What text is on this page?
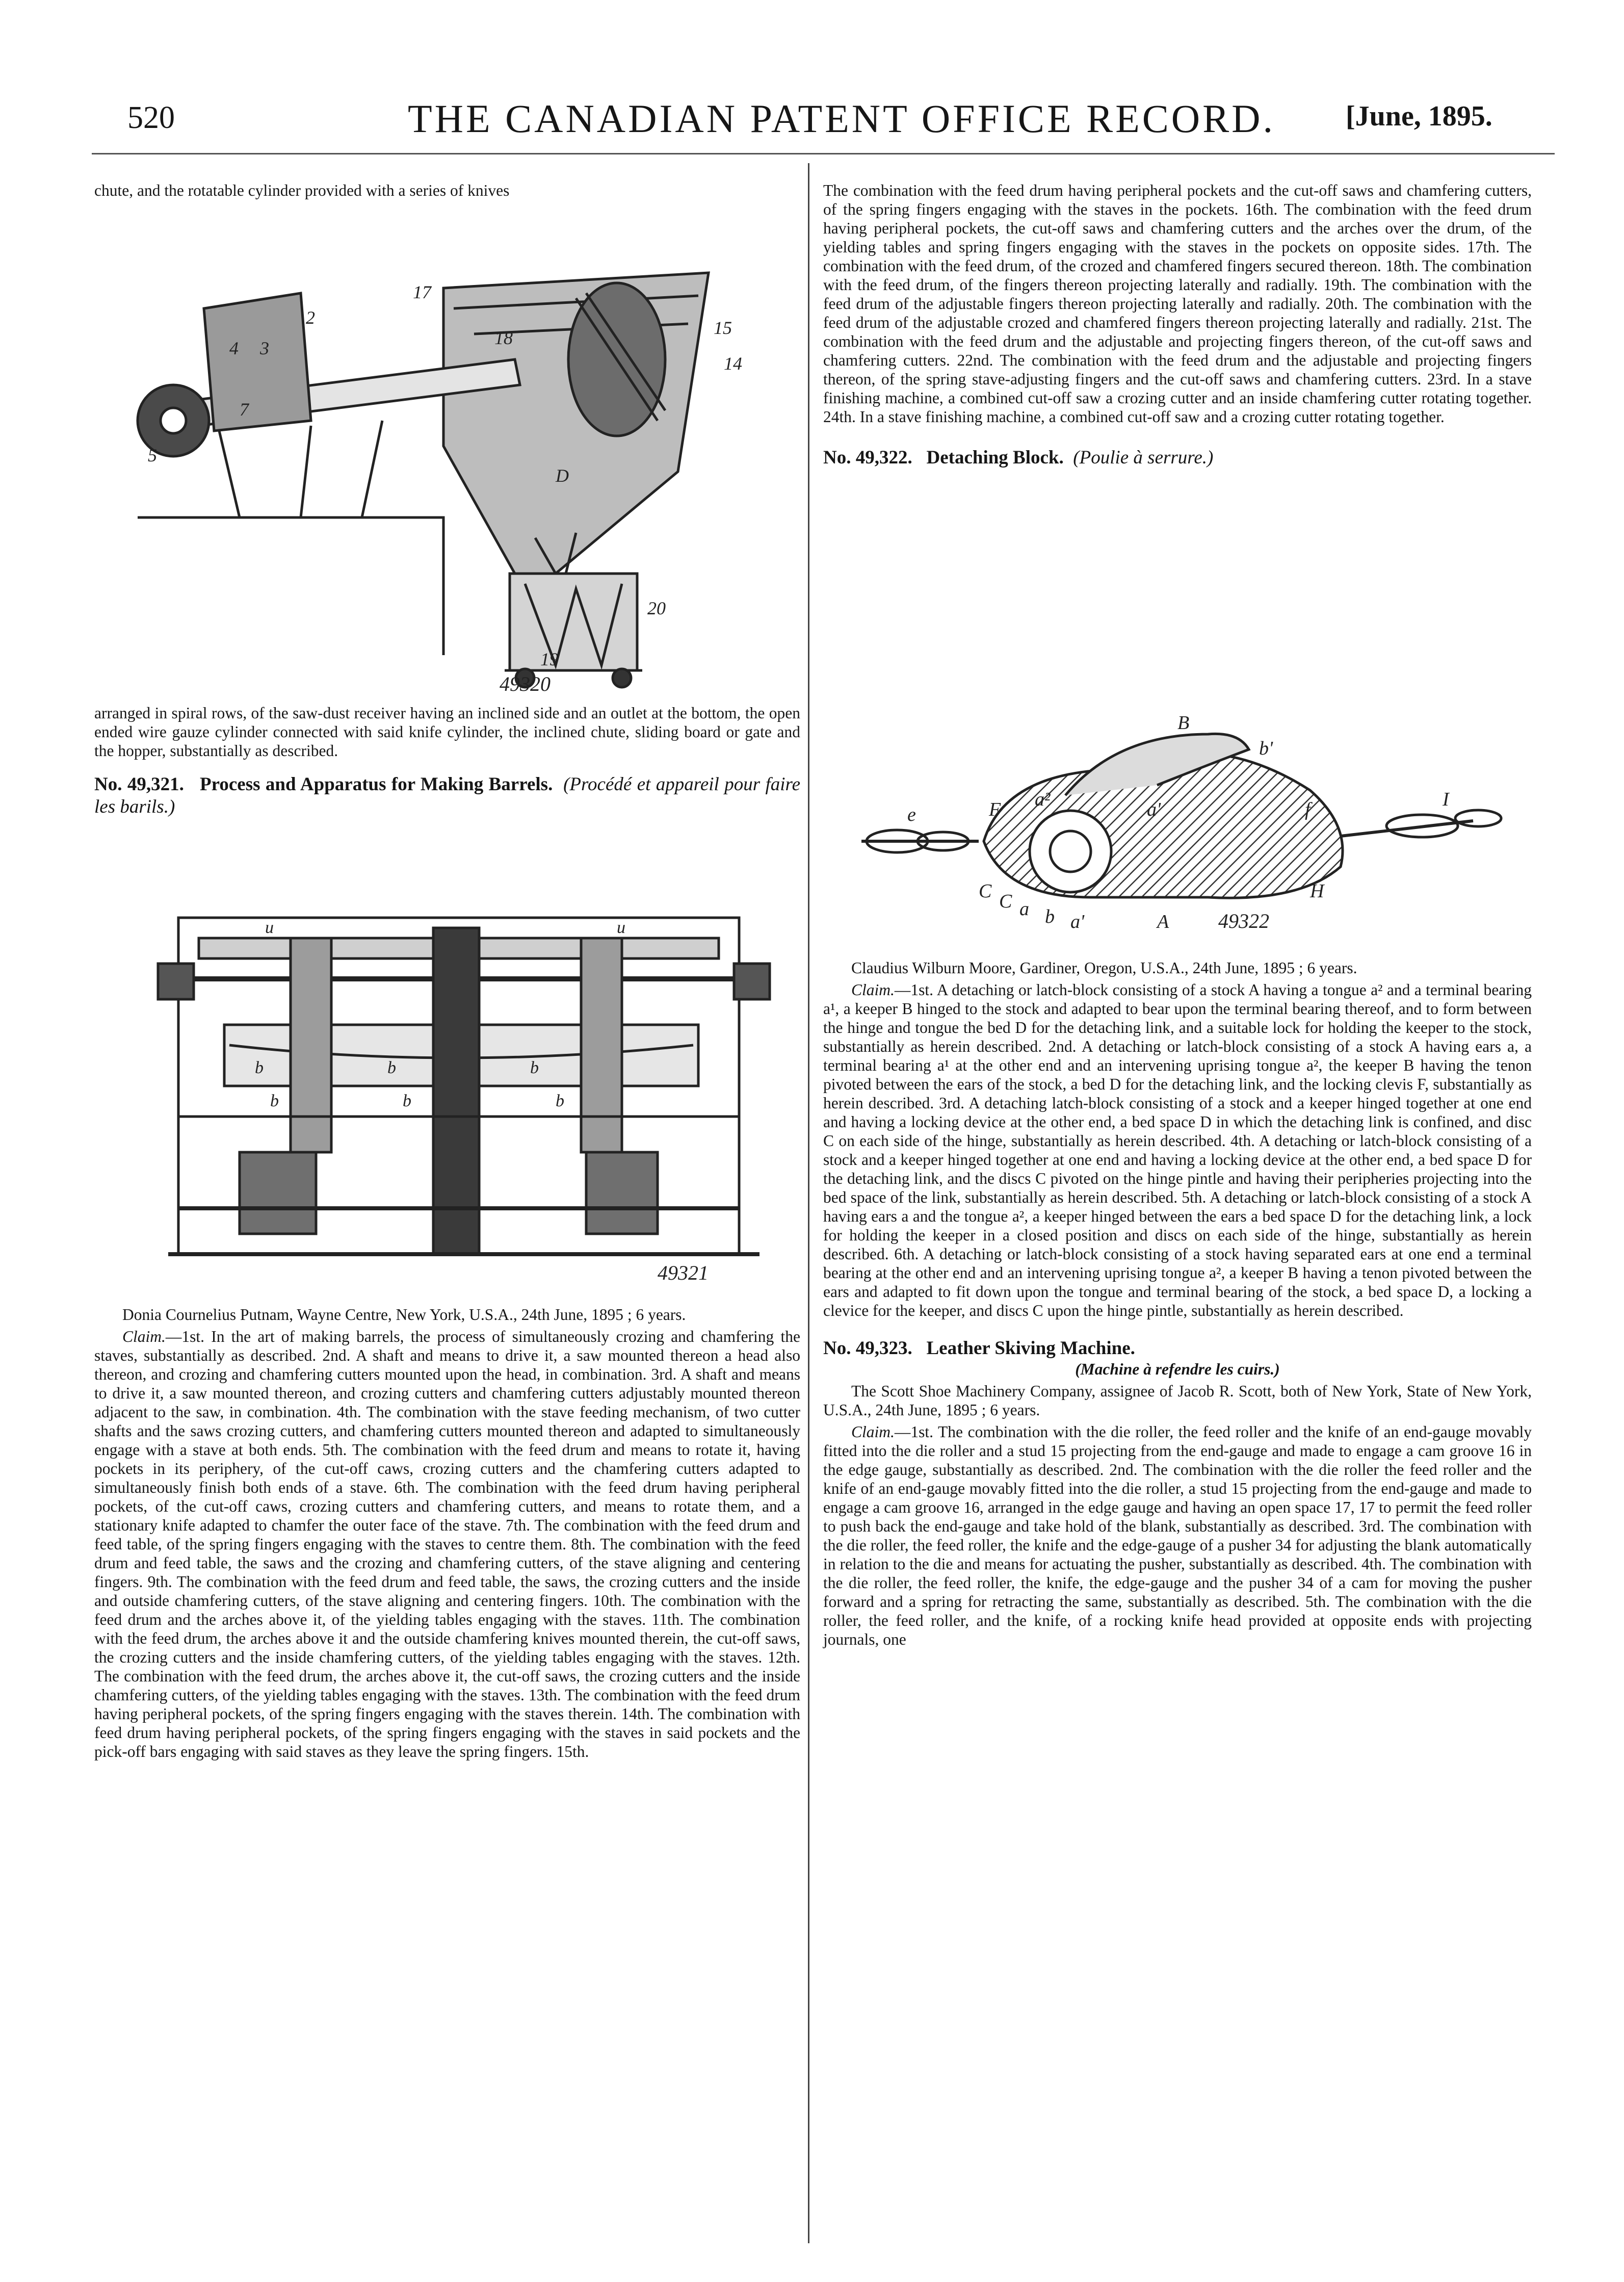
520	THE CANADIAN PATENT OFFICE RECORD. [June, 1895.

chute, and the rotatable cylinder provided with a series of knives

2
3
4
5
15
14
17
18
19
20
D
7
49320

arranged in spiral rows, of the saw-dust receiver having an inclined side and an outlet at the bottom, the open ended wire gauze cylinder connected with said knife cylinder, the inclined chute, sliding board or gate and the hopper, substantially as described.

No. 49,321. Process and Apparatus for Making Barrels. (Procédé et appareil pour faire les barils.)

b	b	b
b	b	b
u	u
49321

Donia Cournelius Putnam, Wayne Centre, New York, U.S.A., 24th June, 1895 ; 6 years.

Claim.—1st. In the art of making barrels, the process of simultaneously crozing and chamfering the staves, substantially as described. 2nd. A shaft and means to drive it, a saw mounted thereon a head also thereon, and crozing and chamfering cutters mounted upon the head, in combination. 3rd. A shaft and means to drive it, a saw mounted thereon, and crozing cutters and chamfering cutters adjustably mounted thereon adjacent to the saw, in combination. 4th. The combination with the stave feeding mechanism, of two cutter shafts and the saws crozing cutters, and chamfering cutters mounted thereon and adapted to simultaneously engage with a stave at both ends. 5th. The combination with the feed drum and means to rotate it, having pockets in its periphery, of the cut-off caws, crozing cutters and the chamfering cutters adapted to simultaneously finish both ends of a stave. 6th. The combination with the feed drum having peripheral pockets, of the cut-off caws, crozing cutters and chamfering cutters, and means to rotate them, and a stationary knife adapted to chamfer the outer face of the stave. 7th. The combination with the feed drum and feed table, of the spring fingers engaging with the staves to centre them. 8th. The combination with the feed drum and feed table, the saws and the crozing and chamfering cutters, of the stave aligning and centering fingers. 9th. The combination with the feed drum and feed table, the saws, the crozing cutters and the inside and outside chamfering cutters, of the stave aligning and centering fingers. 10th. The combination with the feed drum and the arches above it, of the yielding tables engaging with the staves. 11th. The combination with the feed drum, the arches above it and the outside chamfering knives mounted therein, the cut-off saws, the crozing cutters and the inside chamfering cutters, of the yielding tables engaging with the staves. 12th. The combination with the feed drum, the arches above it, the cut-off saws, the crozing cutters and the inside chamfering cutters, of the yielding tables engaging with the staves. 13th. The combination with the feed drum having peripheral pockets, of the spring fingers engaging with the staves therein. 14th. The combination with feed drum having peripheral pockets, of the spring fingers engaging with the staves in said pockets and the pick-off bars engaging with said staves as they leave the spring fingers. 15th.

The combination with the feed drum having peripheral pockets and the cut-off saws and chamfering cutters, of the spring fingers engaging with the staves in the pockets. 16th. The combination with the feed drum having peripheral pockets, the cut-off saws and chamfering cutters and the arches over the drum, of the yielding tables and spring fingers engaging with the staves in the pockets on opposite sides. 17th. The combination with the feed drum, of the crozed and chamfered fingers secured thereon. 18th. The combination with the feed drum, of the fingers thereon projecting laterally and radially. 19th. The combination with the feed drum of the adjustable fingers thereon projecting laterally and radially. 20th. The combination with the feed drum of the adjustable crozed and chamfered fingers thereon projecting laterally and radially. 21st. The combination with the feed drum and the adjustable and projecting fingers thereon, of the cut-off saws and chamfering cutters. 22nd. The combination with the feed drum and the adjustable and projecting fingers thereon, of the spring stave-adjusting fingers and the cut-off saws and chamfering cutters. 23rd. In a stave finishing machine, a combined cut-off saw a crozing cutter and an inside chamfering cutter rotating together. 24th. In a stave finishing machine, a combined cut-off saw and a crozing cutter rotating together.

No. 49,322. Detaching Block. (Poulie à serrure.)

B
b'
e	F a²	a'	f	I
H
C C a b a'	A 49322

Claudius Wilburn Moore, Gardiner, Oregon, U.S.A., 24th June, 1895 ; 6 years.

Claim.—1st. A detaching or latch-block consisting of a stock A having a tongue a² and a terminal bearing a¹, a keeper B hinged to the stock and adapted to bear upon the terminal bearing thereof, and to form between the hinge and tongue the bed D for the detaching link, and a suitable lock for holding the keeper to the stock, substantially as herein described. 2nd. A detaching or latch-block consisting of a stock A having ears a, a terminal bearing a¹ at the other end and an intervening uprising tongue a², the keeper B having the tenon pivoted between the ears of the stock, a bed D for the detaching link, and the locking clevis F, substantially as herein described. 3rd. A detaching latch-block consisting of a stock and a keeper hinged together at one end and having a locking device at the other end, a bed space D in which the detaching link is confined, and disc C on each side of the hinge, substantially as herein described. 4th. A detaching or latch-block consisting of a stock and a keeper hinged together at one end and having a locking device at the other end, a bed space D for the detaching link, and the discs C pivoted on the hinge pintle and having their peripheries projecting into the bed space of the link, substantially as herein described. 5th. A detaching or latch-block consisting of a stock A having ears a and the tongue a², a keeper hinged between the ears a bed space D for the detaching link, a lock for holding the keeper in a closed position and discs on each side of the hinge, substantially as herein described. 6th. A detaching or latch-block consisting of a stock having separated ears at one end a terminal bearing at the other end and an intervening uprising tongue a², a keeper B having a tenon pivoted between the ears and adapted to fit down upon the tongue and terminal bearing of the stock, a bed space D, a locking a clevice for the keeper, and discs C upon the hinge pintle, substantially as herein described.

No. 49,323. Leather Skiving Machine.

(Machine à refendre les cuirs.)

The Scott Shoe Machinery Company, assignee of Jacob R. Scott, both of New York, State of New York, U.S.A., 24th June, 1895 ; 6 years.

Claim.—1st. The combination with the die roller, the feed roller and the knife of an end-gauge movably fitted into the die roller and a stud 15 projecting from the end-gauge and made to engage a cam groove 16 in the edge gauge, substantially as described. 2nd. The combination with the die roller the feed roller and the knife of an end-gauge movably fitted into the die roller, a stud 15 projecting from the end-gauge and made to engage a cam groove 16, arranged in the edge gauge and having an open space 17, 17 to permit the feed roller to push back the end-gauge and take hold of the blank, substantially as described. 3rd. The combination with the die roller, the feed roller, the knife and the edge-gauge of a pusher 34 for adjusting the blank automatically in relation to the die and means for actuating the pusher, substantially as described. 4th. The combination with the die roller, the feed roller, the knife, the edge-gauge and the pusher 34 of a cam for moving the pusher forward and a spring for retracting the same, substantially as described. 5th. The combination with the die roller, the feed roller, and the knife, of a rocking knife head provided at opposite ends with projecting journals, one
